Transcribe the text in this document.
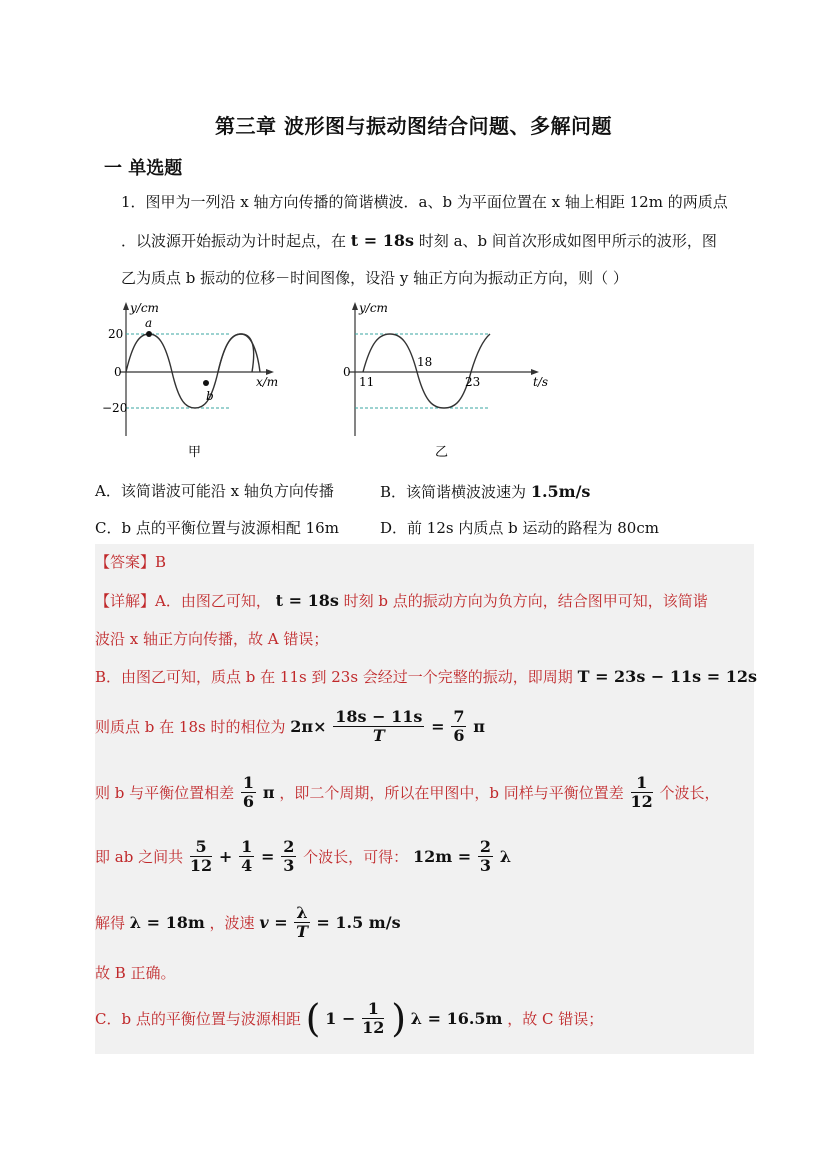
第三章 波形图与振动图结合问题、多解问题
一 单选题
1．图甲为一列沿 x 轴方向传播的简谐横波．a、b 为平面位置在 x 轴上相距 12m 的两质点
．以波源开始振动为计时起点，在 t = 18s 时刻 a、b 间首次形成如图甲所示的波形，图
乙为质点 b 振动的位移－时间图像，设沿 y 轴正方向为振动正方向，则（ ）
y/cm
x/m
20
0
−20
a
b
甲
y/cm
t/s
0
11
18
23
乙
A．该简谐波可能沿 x 轴负方向传播	B．该简谐横波波速为 1.5m/s
C．b 点的平衡位置与波源相配 16m	D．前 12s 内质点 b 运动的路程为 80cm
【答案】B
【详解】A．由图乙可知， t = 18s 时刻 b 点的振动方向为负方向，结合图甲可知，该简谐
波沿 x 轴正方向传播，故 A 错误；
B．由图乙可知，质点 b 在 11s 到 23s 会经过一个完整的振动，即周期 T = 23s − 11s = 12s
则质点 b 在 18s 时的相位为 $2\pi\times \frac{18s - 11s}{T} = \frac{7}{6}$ π
则 b 与平衡位置相差 $\frac{1}{6}$ π ，即二个周期，所以在甲图中，b 同样与平衡位置差 $\frac{1}{12}$ 个波长，
即 ab 之间共 $\frac{5}{12} + \frac{1}{4} = \frac{2}{3}$ 个波长，可得： $12m = \frac{2}{3}$ λ
解得 λ = 18m ，波速 $v = \frac{\lambda}{T} = 1.5$ m/s
故 B 正确。
C．b 点的平衡位置与波源相距 ( $1 - \frac{1}{12}$ ) λ = 16.5m ，故 C 错误；
